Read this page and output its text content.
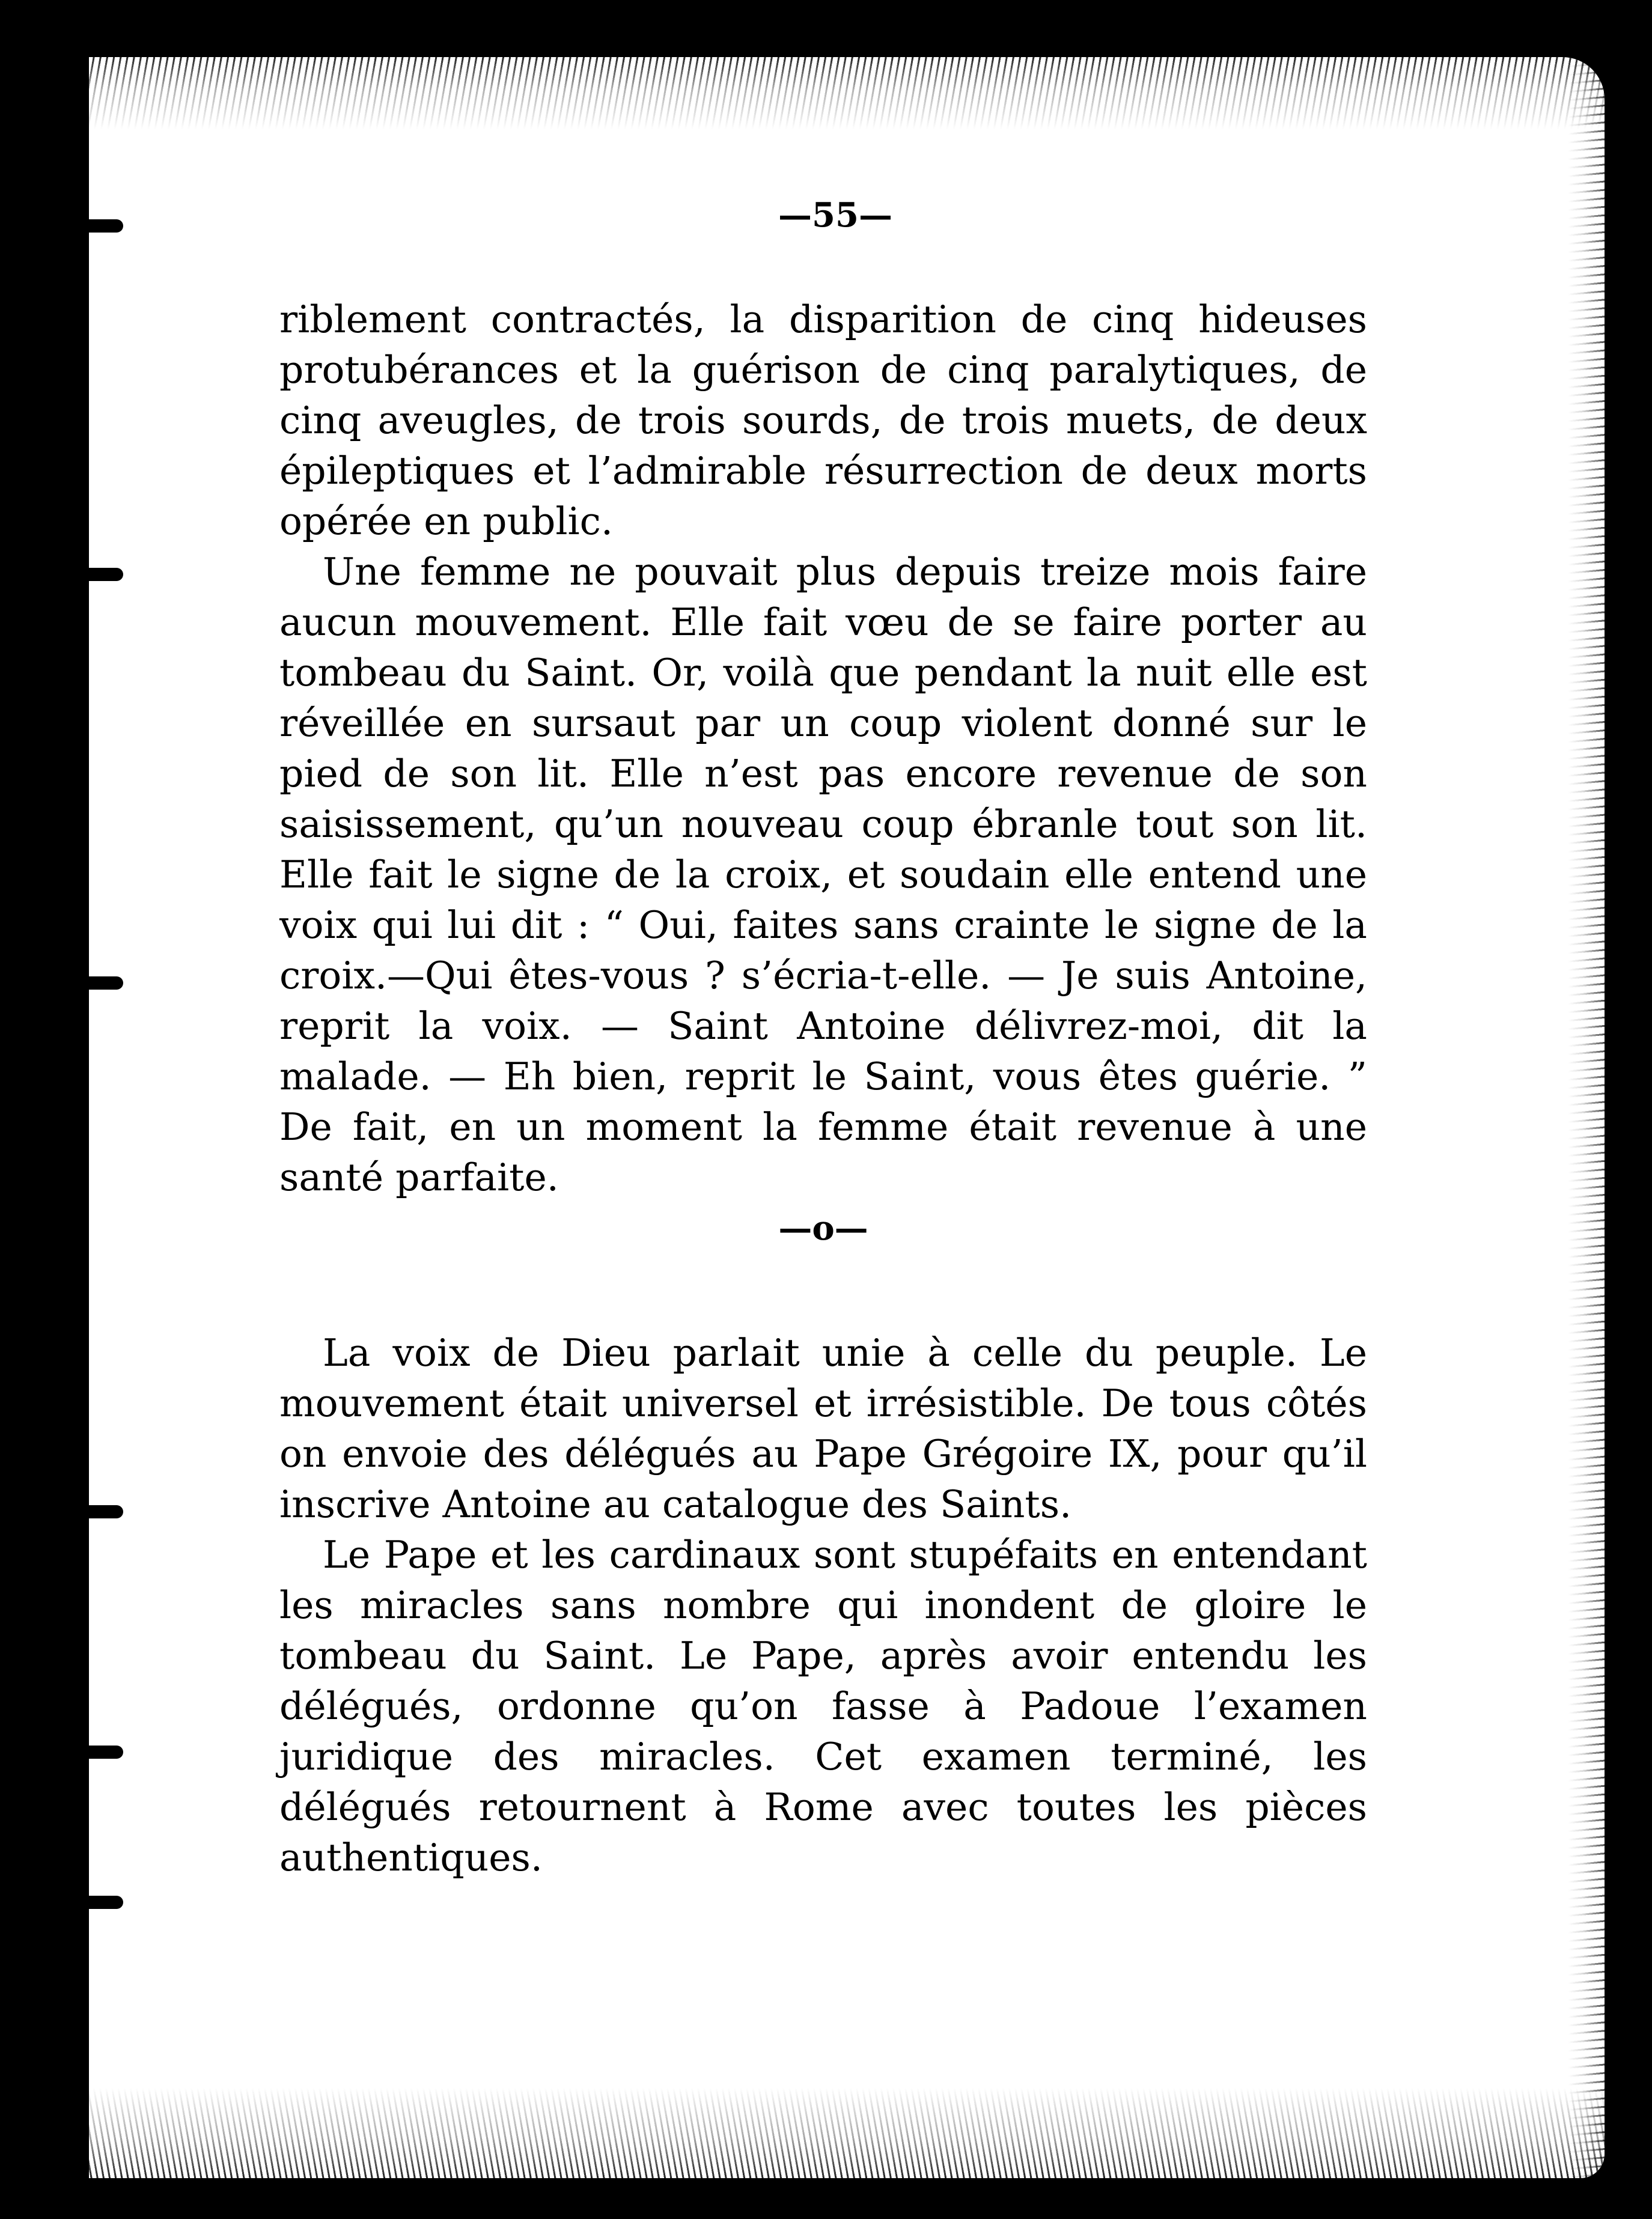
—55—

riblement contractés, la disparition de cinq hideuses protubérances et la guérison de cinq paralytiques, de cinq aveugles, de trois sourds, de trois muets, de deux épileptiques et l’admirable résurrection de deux morts opérée en public.

Une femme ne pouvait plus depuis treize mois faire aucun mouvement. Elle fait vœu de se faire porter au tombeau du Saint. Or, voilà que pendant la nuit elle est réveillée en sursaut par un coup violent donné sur le pied de son lit. Elle n’est pas encore revenue de son saisissement, qu’un nouveau coup ébranle tout son lit. Elle fait le signe de la croix, et soudain elle entend une voix qui lui dit : “ Oui, faites sans crainte le signe de la croix.—Qui êtes-vous ? s’écria-t-elle. — Je suis Antoine, reprit la voix. — Saint Antoine délivrez-moi, dit la malade. — Eh bien, reprit le Saint, vous êtes guérie. ” De fait, en un moment la femme était revenue à une santé parfaite.

—o—

La voix de Dieu parlait unie à celle du peuple. Le mouvement était universel et irrésistible. De tous côtés on envoie des délégués au Pape Grégoire IX, pour qu’il inscrive Antoine au catalogue des Saints.

Le Pape et les cardinaux sont stupéfaits en entendant les miracles sans nombre qui inondent de gloire le tombeau du Saint. Le Pape, après avoir entendu les délégués, ordonne qu’on fasse à Padoue l’examen juridique des miracles. Cet examen terminé, les délégués retournent à Rome avec toutes les pièces authentiques.
